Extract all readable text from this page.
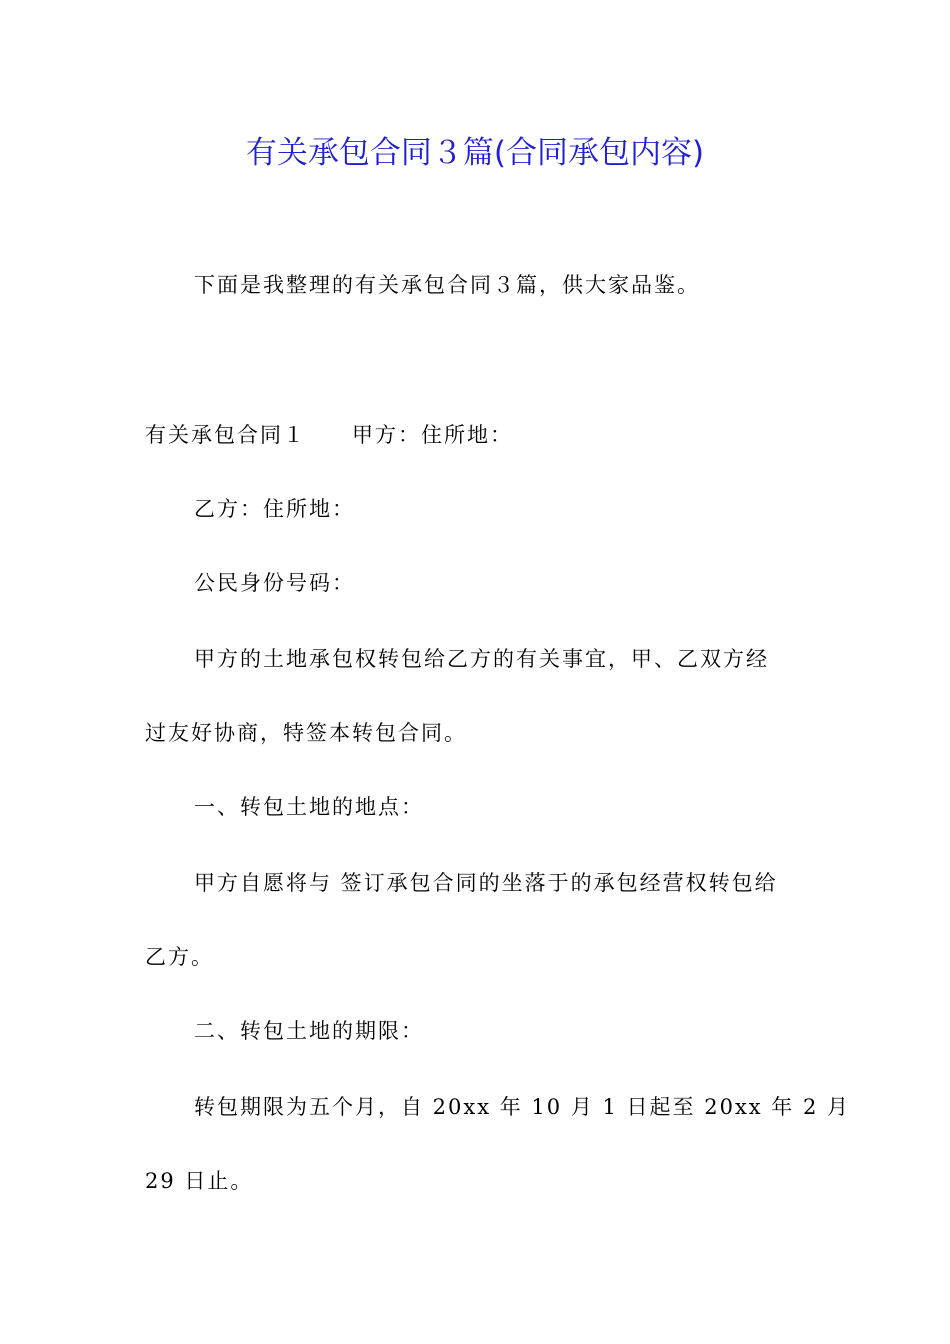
有关承包合同３篇(合同承包内容)
下面是我整理的有关承包合同３篇，供大家品鉴。
有关承包合同１ 甲方：住所地：
乙方：住所地：
公民身份号码：
甲方的土地承包权转包给乙方的有关事宜，甲、乙双方经
过友好协商，特签本转包合同。
一、转包土地的地点：
甲方自愿将与 签订承包合同的坐落于的承包经营权转包给
乙方。
二、转包土地的期限：
转包期限为五个月，自 20xx 年 10 月 1 日起至 20xx 年 2 月
29 日止。
